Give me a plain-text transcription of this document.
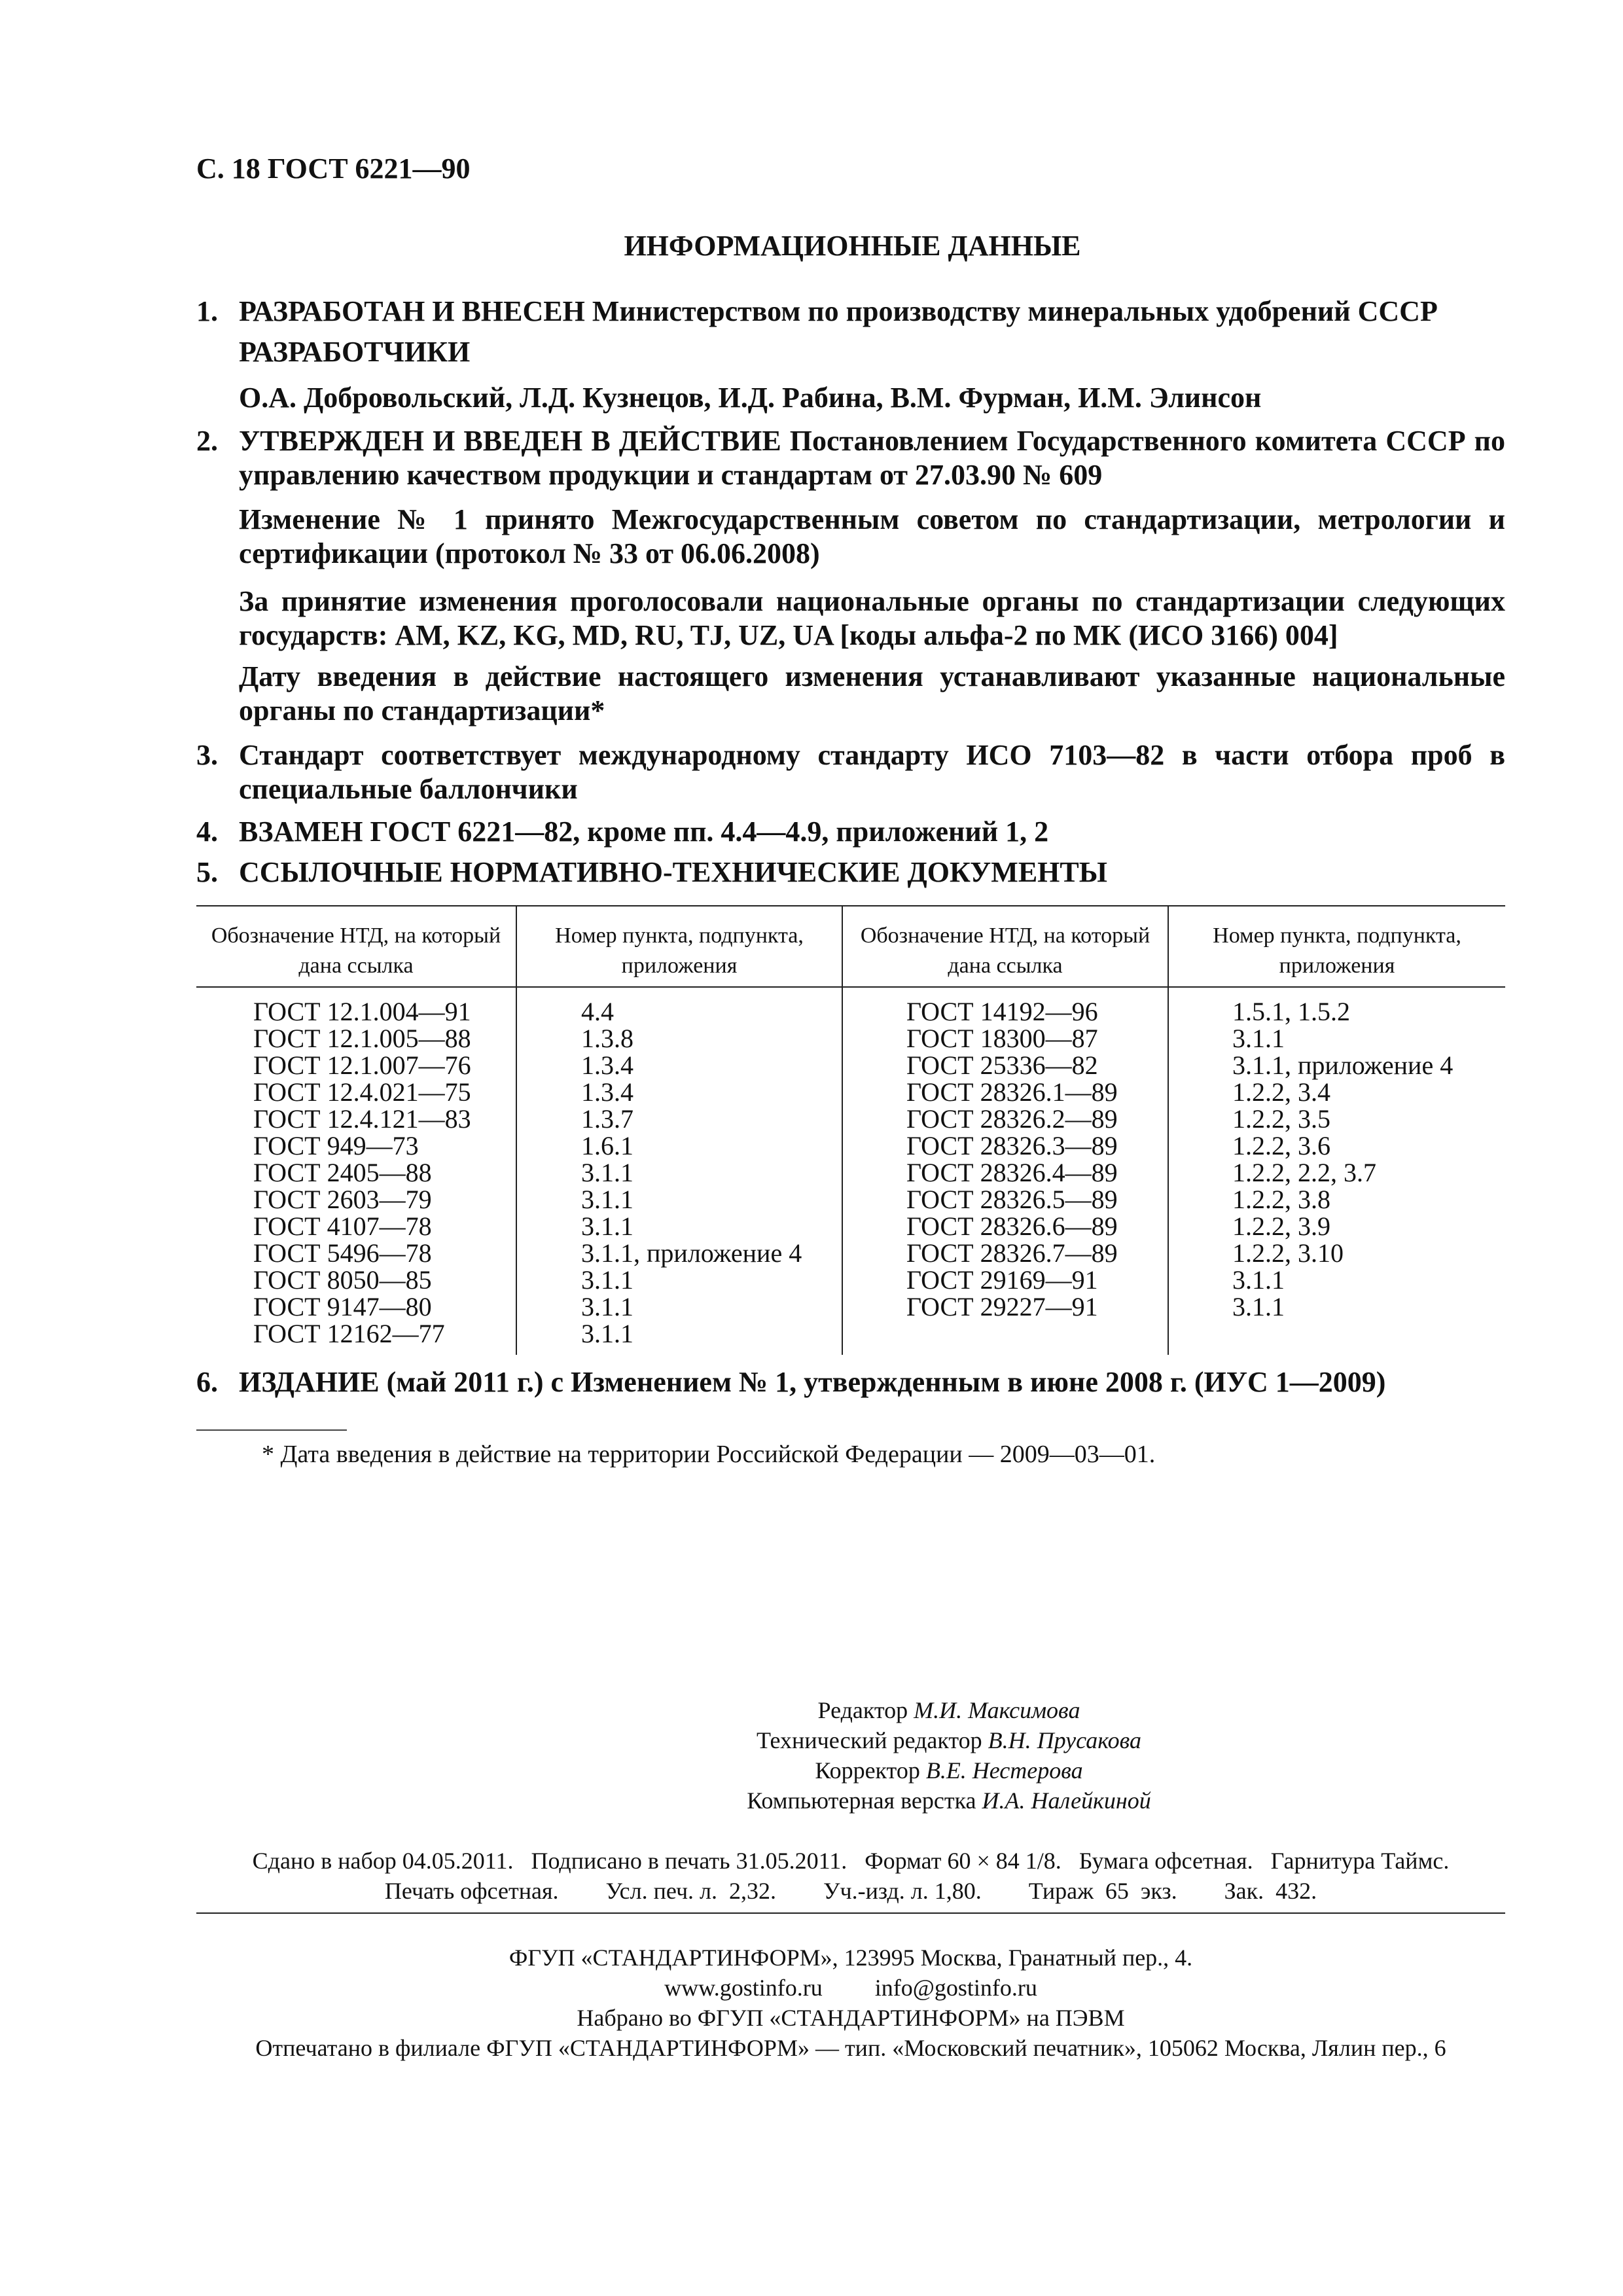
С. 18 ГОСТ 6221—90
ИНФОРМАЦИОННЫЕ ДАННЫЕ
1. РАЗРАБОТАН И ВНЕСЕН Министерством по производству минеральных удобрений СССР
РАЗРАБОТЧИКИ
О.А. Добровольский, Л.Д. Кузнецов, И.Д. Рабина, В.М. Фурман, И.М. Элинсон
2. УТВЕРЖДЕН И ВВЕДЕН В ДЕЙСТВИЕ Постановлением Государственного комитета СССР по управлению качеством продукции и стандартам от 27.03.90 № 609
Изменение № 1 принято Межгосударственным советом по стандартизации, метрологии и сертификации (протокол № 33 от 06.06.2008)
За принятие изменения проголосовали национальные органы по стандартизации следующих государств: AM, KZ, KG, MD, RU, TJ, UZ, UA [коды альфа-2 по МК (ИСО 3166) 004]
Дату введения в действие настоящего изменения устанавливают указанные национальные органы по стандартизации*
3. Стандарт соответствует международному стандарту ИСО 7103—82 в части отбора проб в специальные баллончики
4. ВЗАМЕН ГОСТ 6221—82, кроме пп. 4.4—4.9, приложений 1, 2
5. ССЫЛОЧНЫЕ НОРМАТИВНО-ТЕХНИЧЕСКИЕ ДОКУМЕНТЫ
Обозначение НТД, на который дана ссылка
Номер пункта, подпункта, приложения
Обозначение НТД, на который дана ссылка
Номер пункта, подпункта, приложения
ГОСТ 12.1.004—91
ГОСТ 12.1.005—88
ГОСТ 12.1.007—76
ГОСТ 12.4.021—75
ГОСТ 12.4.121—83
ГОСТ 949—73
ГОСТ 2405—88
ГОСТ 2603—79
ГОСТ 4107—78
ГОСТ 5496—78
ГОСТ 8050—85
ГОСТ 9147—80
ГОСТ 12162—77
4.4
1.3.8
1.3.4
1.3.4
1.3.7
1.6.1
3.1.1
3.1.1
3.1.1
3.1.1, приложение 4
3.1.1
3.1.1
3.1.1
ГОСТ 14192—96
ГОСТ 18300—87
ГОСТ 25336—82
ГОСТ 28326.1—89
ГОСТ 28326.2—89
ГОСТ 28326.3—89
ГОСТ 28326.4—89
ГОСТ 28326.5—89
ГОСТ 28326.6—89
ГОСТ 28326.7—89
ГОСТ 29169—91
ГОСТ 29227—91
1.5.1, 1.5.2
3.1.1
3.1.1, приложение 4
1.2.2, 3.4
1.2.2, 3.5
1.2.2, 3.6
1.2.2, 2.2, 3.7
1.2.2, 3.8
1.2.2, 3.9
1.2.2, 3.10
3.1.1
3.1.1
6. ИЗДАНИЕ (май 2011 г.) с Изменением № 1, утвержденным в июне 2008 г. (ИУС 1—2009)
* Дата введения в действие на территории Российской Федерации — 2009—03—01.
Редактор М.И. Максимова
Технический редактор В.Н. Прусакова
Корректор В.Е. Нестерова
Компьютерная верстка И.А. Налейкиной
Сдано в набор 04.05.2011.   Подписано в печать 31.05.2011.   Формат 60 × 84 1/8.   Бумага офсетная.   Гарнитура Таймс.
Печать офсетная.        Усл. печ. л.  2,32.        Уч.-изд. л. 1,80.        Тираж  65  экз.        Зак.  432.
ФГУП «СТАНДАРТИНФОРМ», 123995 Москва, Гранатный пер., 4.
www.gostinfo.ru info@gostinfo.ru
Набрано во ФГУП «СТАНДАРТИНФОРМ» на ПЭВМ
Отпечатано в филиале ФГУП «СТАНДАРТИНФОРМ» — тип. «Московский печатник», 105062 Москва, Лялин пер., 6
